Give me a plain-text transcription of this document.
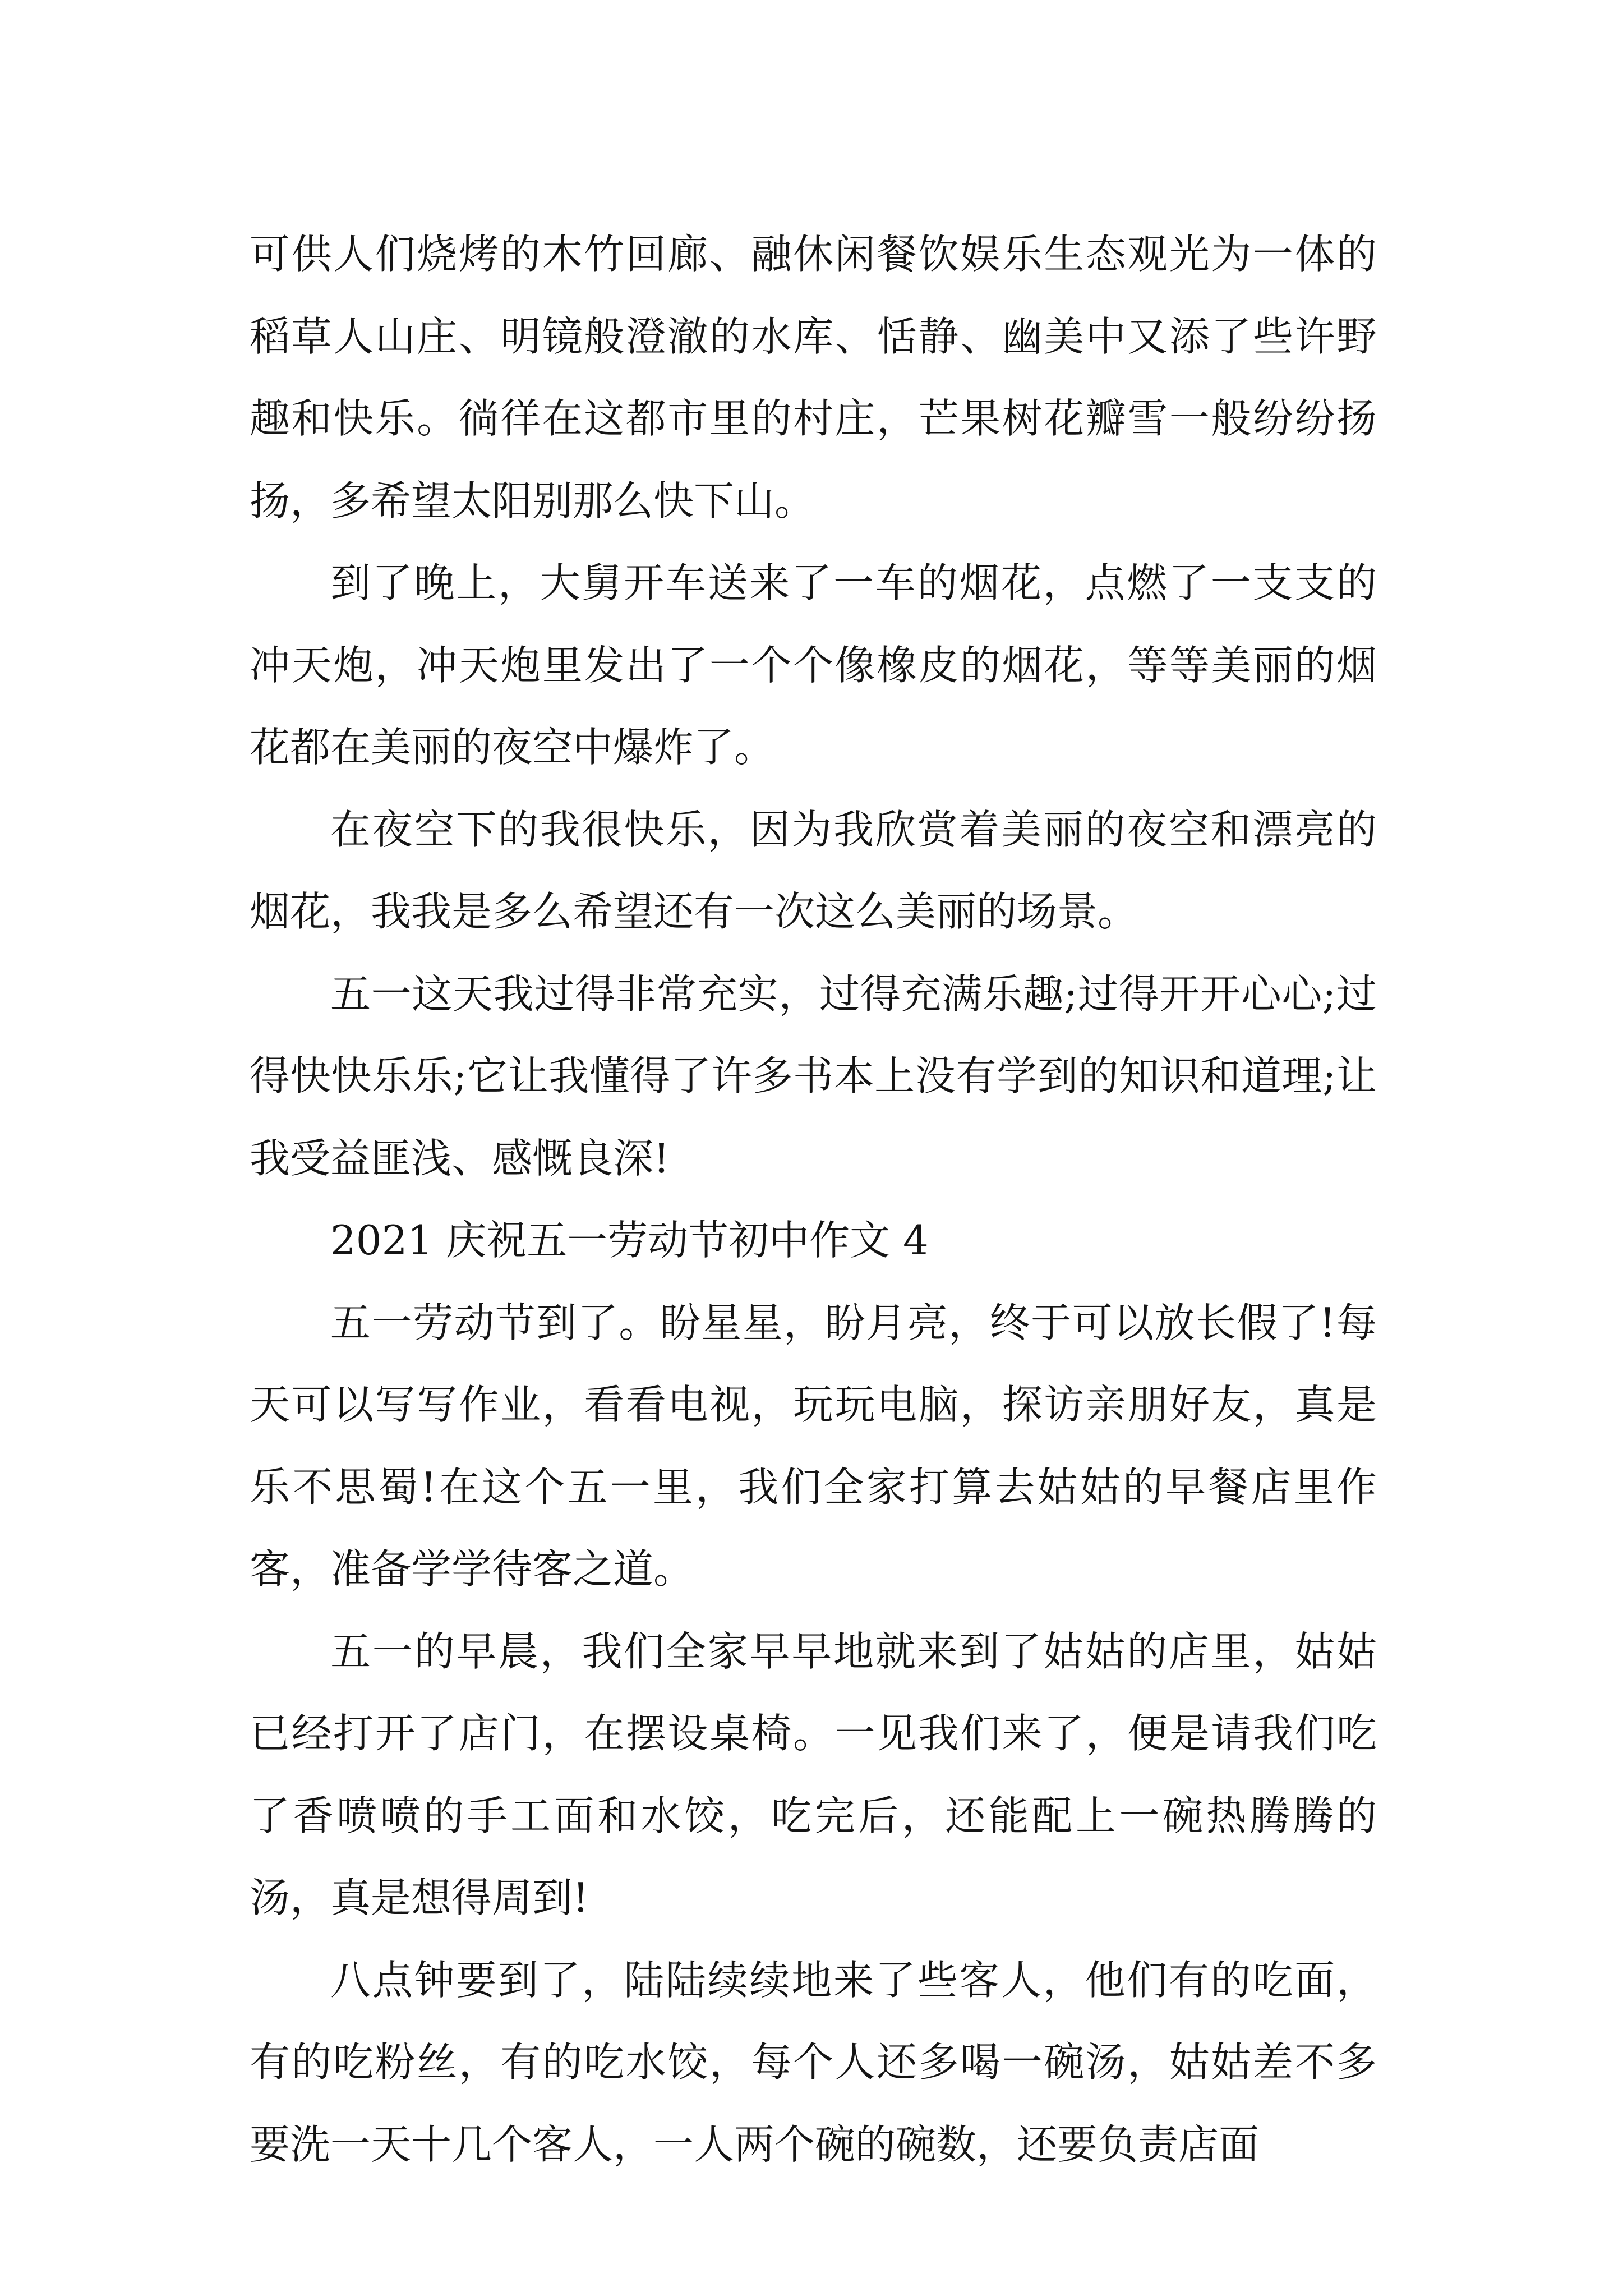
可供人们烧烤的木竹回廊、融休闲餐饮娱乐生态观光为一体的稻草人山庄、明镜般澄澈的水库、恬静、幽美中又添了些许野趣和快乐。徜徉在这都市里的村庄，芒果树花瓣雪一般纷纷扬扬，多希望太阳别那么快下山。

到了晚上，大舅开车送来了一车的烟花，点燃了一支支的冲天炮，冲天炮里发出了一个个像橡皮的烟花，等等美丽的烟花都在美丽的夜空中爆炸了。

在夜空下的我很快乐，因为我欣赏着美丽的夜空和漂亮的烟花，我我是多么希望还有一次这么美丽的场景。

五一这天我过得非常充实，过得充满乐趣;过得开开心心;过得快快乐乐;它让我懂得了许多书本上没有学到的知识和道理;让我受益匪浅、感慨良深!

2021 庆祝五一劳动节初中作文 4

五一劳动节到了。盼星星，盼月亮，终于可以放长假了!每天可以写写作业，看看电视，玩玩电脑，探访亲朋好友，真是乐不思蜀!在这个五一里，我们全家打算去姑姑的早餐店里作客，准备学学待客之道。

五一的早晨，我们全家早早地就来到了姑姑的店里，姑姑已经打开了店门，在摆设桌椅。一见我们来了，便是请我们吃了香喷喷的手工面和水饺，吃完后，还能配上一碗热腾腾的汤，真是想得周到!

八点钟要到了，陆陆续续地来了些客人，他们有的吃面，有的吃粉丝，有的吃水饺，每个人还多喝一碗汤，姑姑差不多要洗一天十几个客人，一人两个碗的碗数，还要负责店面
